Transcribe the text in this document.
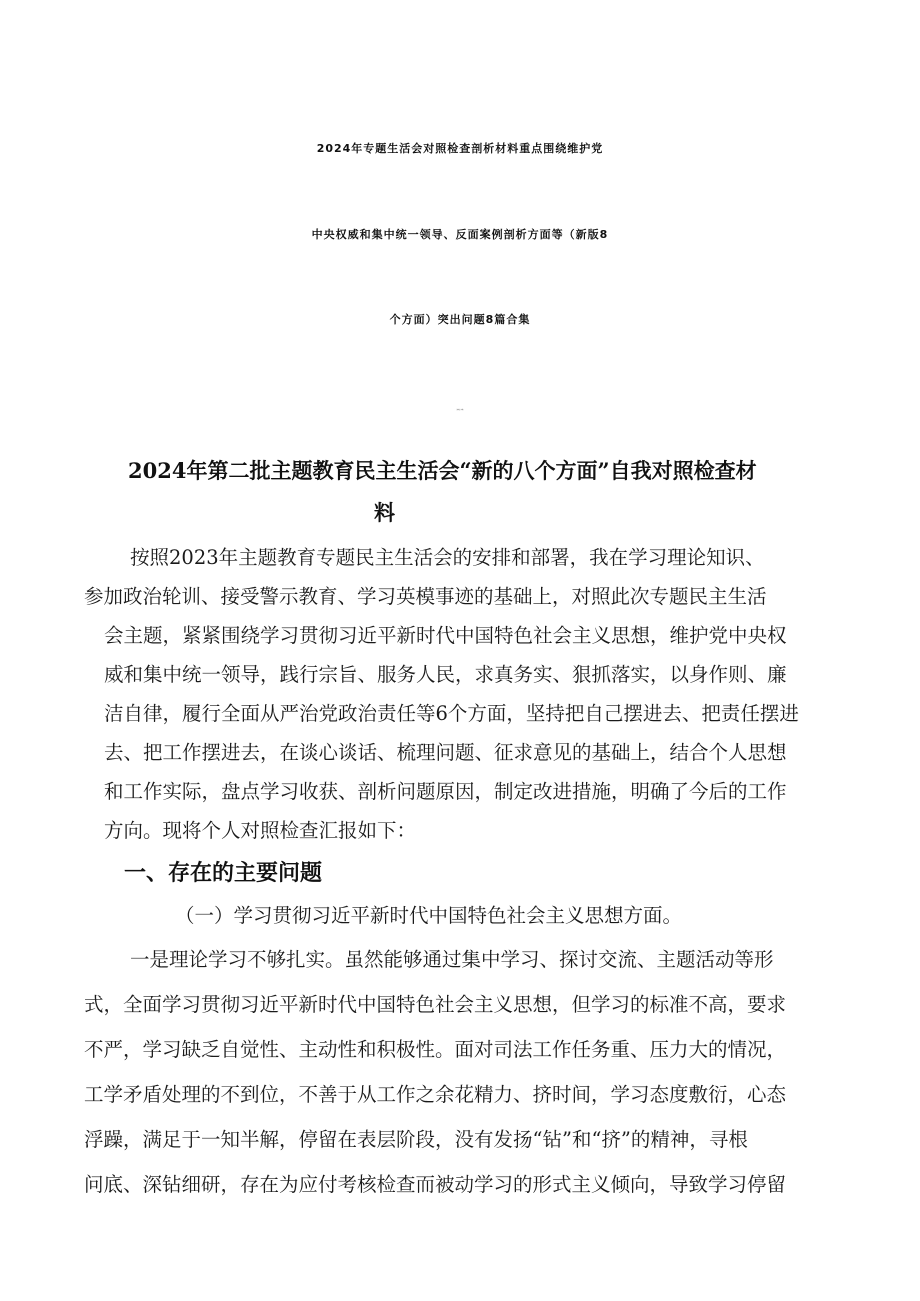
2024年专题生活会对照检查剖析材料重点围绕维护党
中央权威和集中统一领导、反面案例剖析方面等（新版8
个方面）突出问题8篇合集
第1篇，共8篇
2024年第二批主题教育民主生活会“新的八个方面”自我对照检查材
料
按照2023年主题教育专题民主生活会的安排和部署，我在学习理论知识、
参加政治轮训、接受警示教育、学习英模事迹的基础上，对照此次专题民主生活
会主题，紧紧围绕学习贯彻习近平新时代中国特色社会主义思想，维护党中央权
威和集中统一领导，践行宗旨、服务人民，求真务实、狠抓落实，以身作则、廉
洁自律，履行全面从严治党政治责任等6个方面，坚持把自己摆进去、把责任摆进
去、把工作摆进去，在谈心谈话、梳理问题、征求意见的基础上，结合个人思想
和工作实际，盘点学习收获、剖析问题原因，制定改进措施，明确了今后的工作
方向。现将个人对照检查汇报如下：
一、存在的主要问题
（一）学习贯彻习近平新时代中国特色社会主义思想方面。
一是理论学习不够扎实。虽然能够通过集中学习、探讨交流、主题活动等形
式，全面学习贯彻习近平新时代中国特色社会主义思想，但学习的标准不高，要求
不严，学习缺乏自觉性、主动性和积极性。面对司法工作任务重、压力大的情况，
工学矛盾处理的不到位，不善于从工作之余花精力、挤时间，学习态度敷衍，心态
浮躁，满足于一知半解，停留在表层阶段，没有发扬“钻”和“挤”的精神，寻根
问底、深钻细研，存在为应付考核检查而被动学习的形式主义倾向，导致学习停留
